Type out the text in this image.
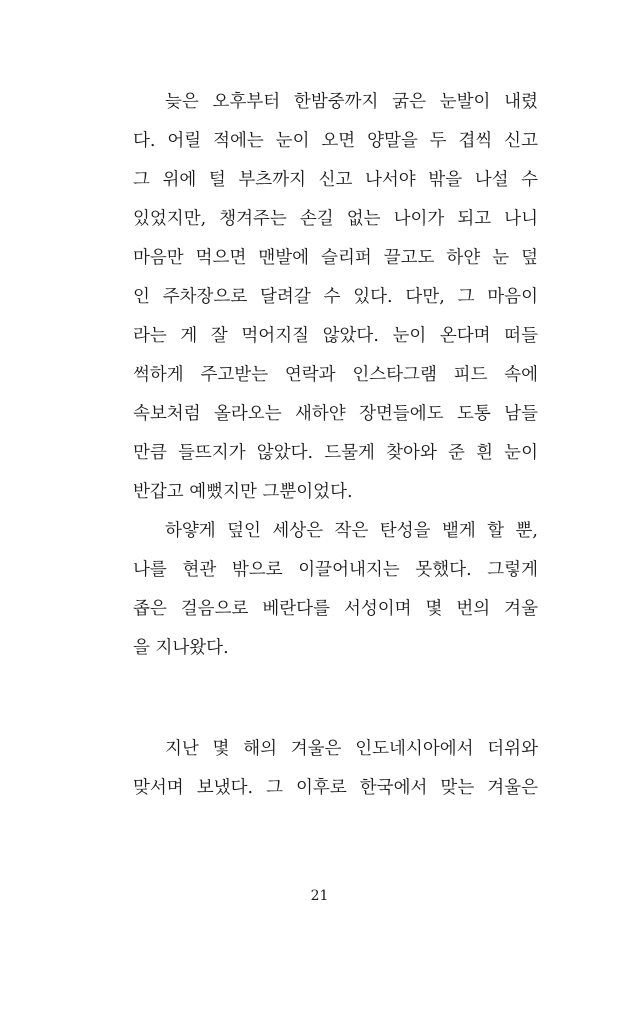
늦은 오후부터 한밤중까지 굵은 눈발이 내렸
다. 어릴 적에는 눈이 오면 양말을 두 겹씩 신고
그 위에 털 부츠까지 신고 나서야 밖을 나설 수
있었지만, 챙겨주는 손길 없는 나이가 되고 나니
마음만 먹으면 맨발에 슬리퍼 끌고도 하얀 눈 덮
인 주차장으로 달려갈 수 있다. 다만, 그 마음이
라는 게 잘 먹어지질 않았다. 눈이 온다며 떠들
썩하게 주고받는 연락과 인스타그램 피드 속에
속보처럼 올라오는 새하얀 장면들에도 도통 남들
만큼 들뜨지가 않았다. 드물게 찾아와 준 흰 눈이
반갑고 예뻤지만 그뿐이었다.
하얗게 덮인 세상은 작은 탄성을 뱉게 할 뿐,
나를 현관 밖으로 이끌어내지는 못했다. 그렇게
좁은 걸음으로 베란다를 서성이며 몇 번의 겨울
을 지나왔다.
지난 몇 해의 겨울은 인도네시아에서 더위와
맞서며 보냈다. 그 이후로 한국에서 맞는 겨울은
21
